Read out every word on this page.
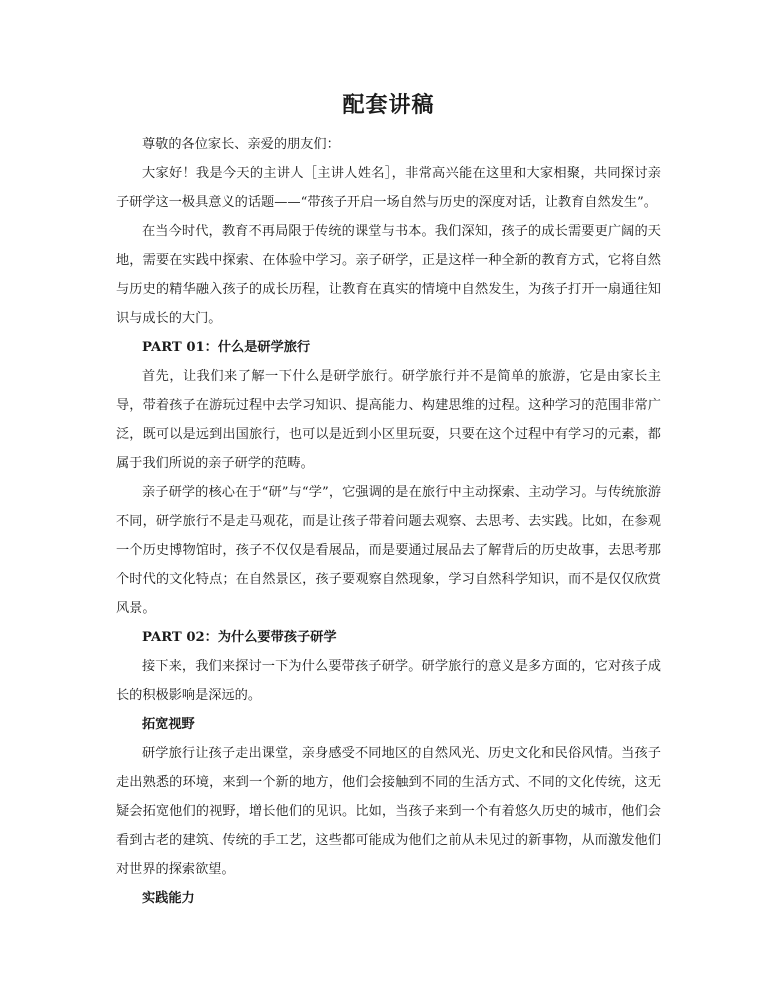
配套讲稿

尊敬的各位家长、亲爱的朋友们：

大家好！我是今天的主讲人［主讲人姓名］，非常高兴能在这里和大家相聚，共同探讨亲子研学这一极具意义的话题——“带孩子开启一场自然与历史的深度对话，让教育自然发生”。

在当今时代，教育不再局限于传统的课堂与书本。我们深知，孩子的成长需要更广阔的天地，需要在实践中探索、在体验中学习。亲子研学，正是这样一种全新的教育方式，它将自然与历史的精华融入孩子的成长历程，让教育在真实的情境中自然发生，为孩子打开一扇通往知识与成长的大门。

PART 01：什么是研学旅行

首先，让我们来了解一下什么是研学旅行。研学旅行并不是简单的旅游，它是由家长主导，带着孩子在游玩过程中去学习知识、提高能力、构建思维的过程。这种学习的范围非常广泛，既可以是远到出国旅行，也可以是近到小区里玩耍，只要在这个过程中有学习的元素，都属于我们所说的亲子研学的范畴。

亲子研学的核心在于“研”与“学”，它强调的是在旅行中主动探索、主动学习。与传统旅游不同，研学旅行不是走马观花，而是让孩子带着问题去观察、去思考、去实践。比如，在参观一个历史博物馆时，孩子不仅仅是看展品，而是要通过展品去了解背后的历史故事，去思考那个时代的文化特点；在自然景区，孩子要观察自然现象，学习自然科学知识，而不是仅仅欣赏风景。

PART 02：为什么要带孩子研学

接下来，我们来探讨一下为什么要带孩子研学。研学旅行的意义是多方面的，它对孩子成长的积极影响是深远的。

拓宽视野

研学旅行让孩子走出课堂，亲身感受不同地区的自然风光、历史文化和民俗风情。当孩子走出熟悉的环境，来到一个新的地方，他们会接触到不同的生活方式、不同的文化传统，这无疑会拓宽他们的视野，增长他们的见识。比如，当孩子来到一个有着悠久历史的城市，他们会看到古老的建筑、传统的手工艺，这些都可能成为他们之前从未见过的新事物，从而激发他们对世界的探索欲望。

实践能力
